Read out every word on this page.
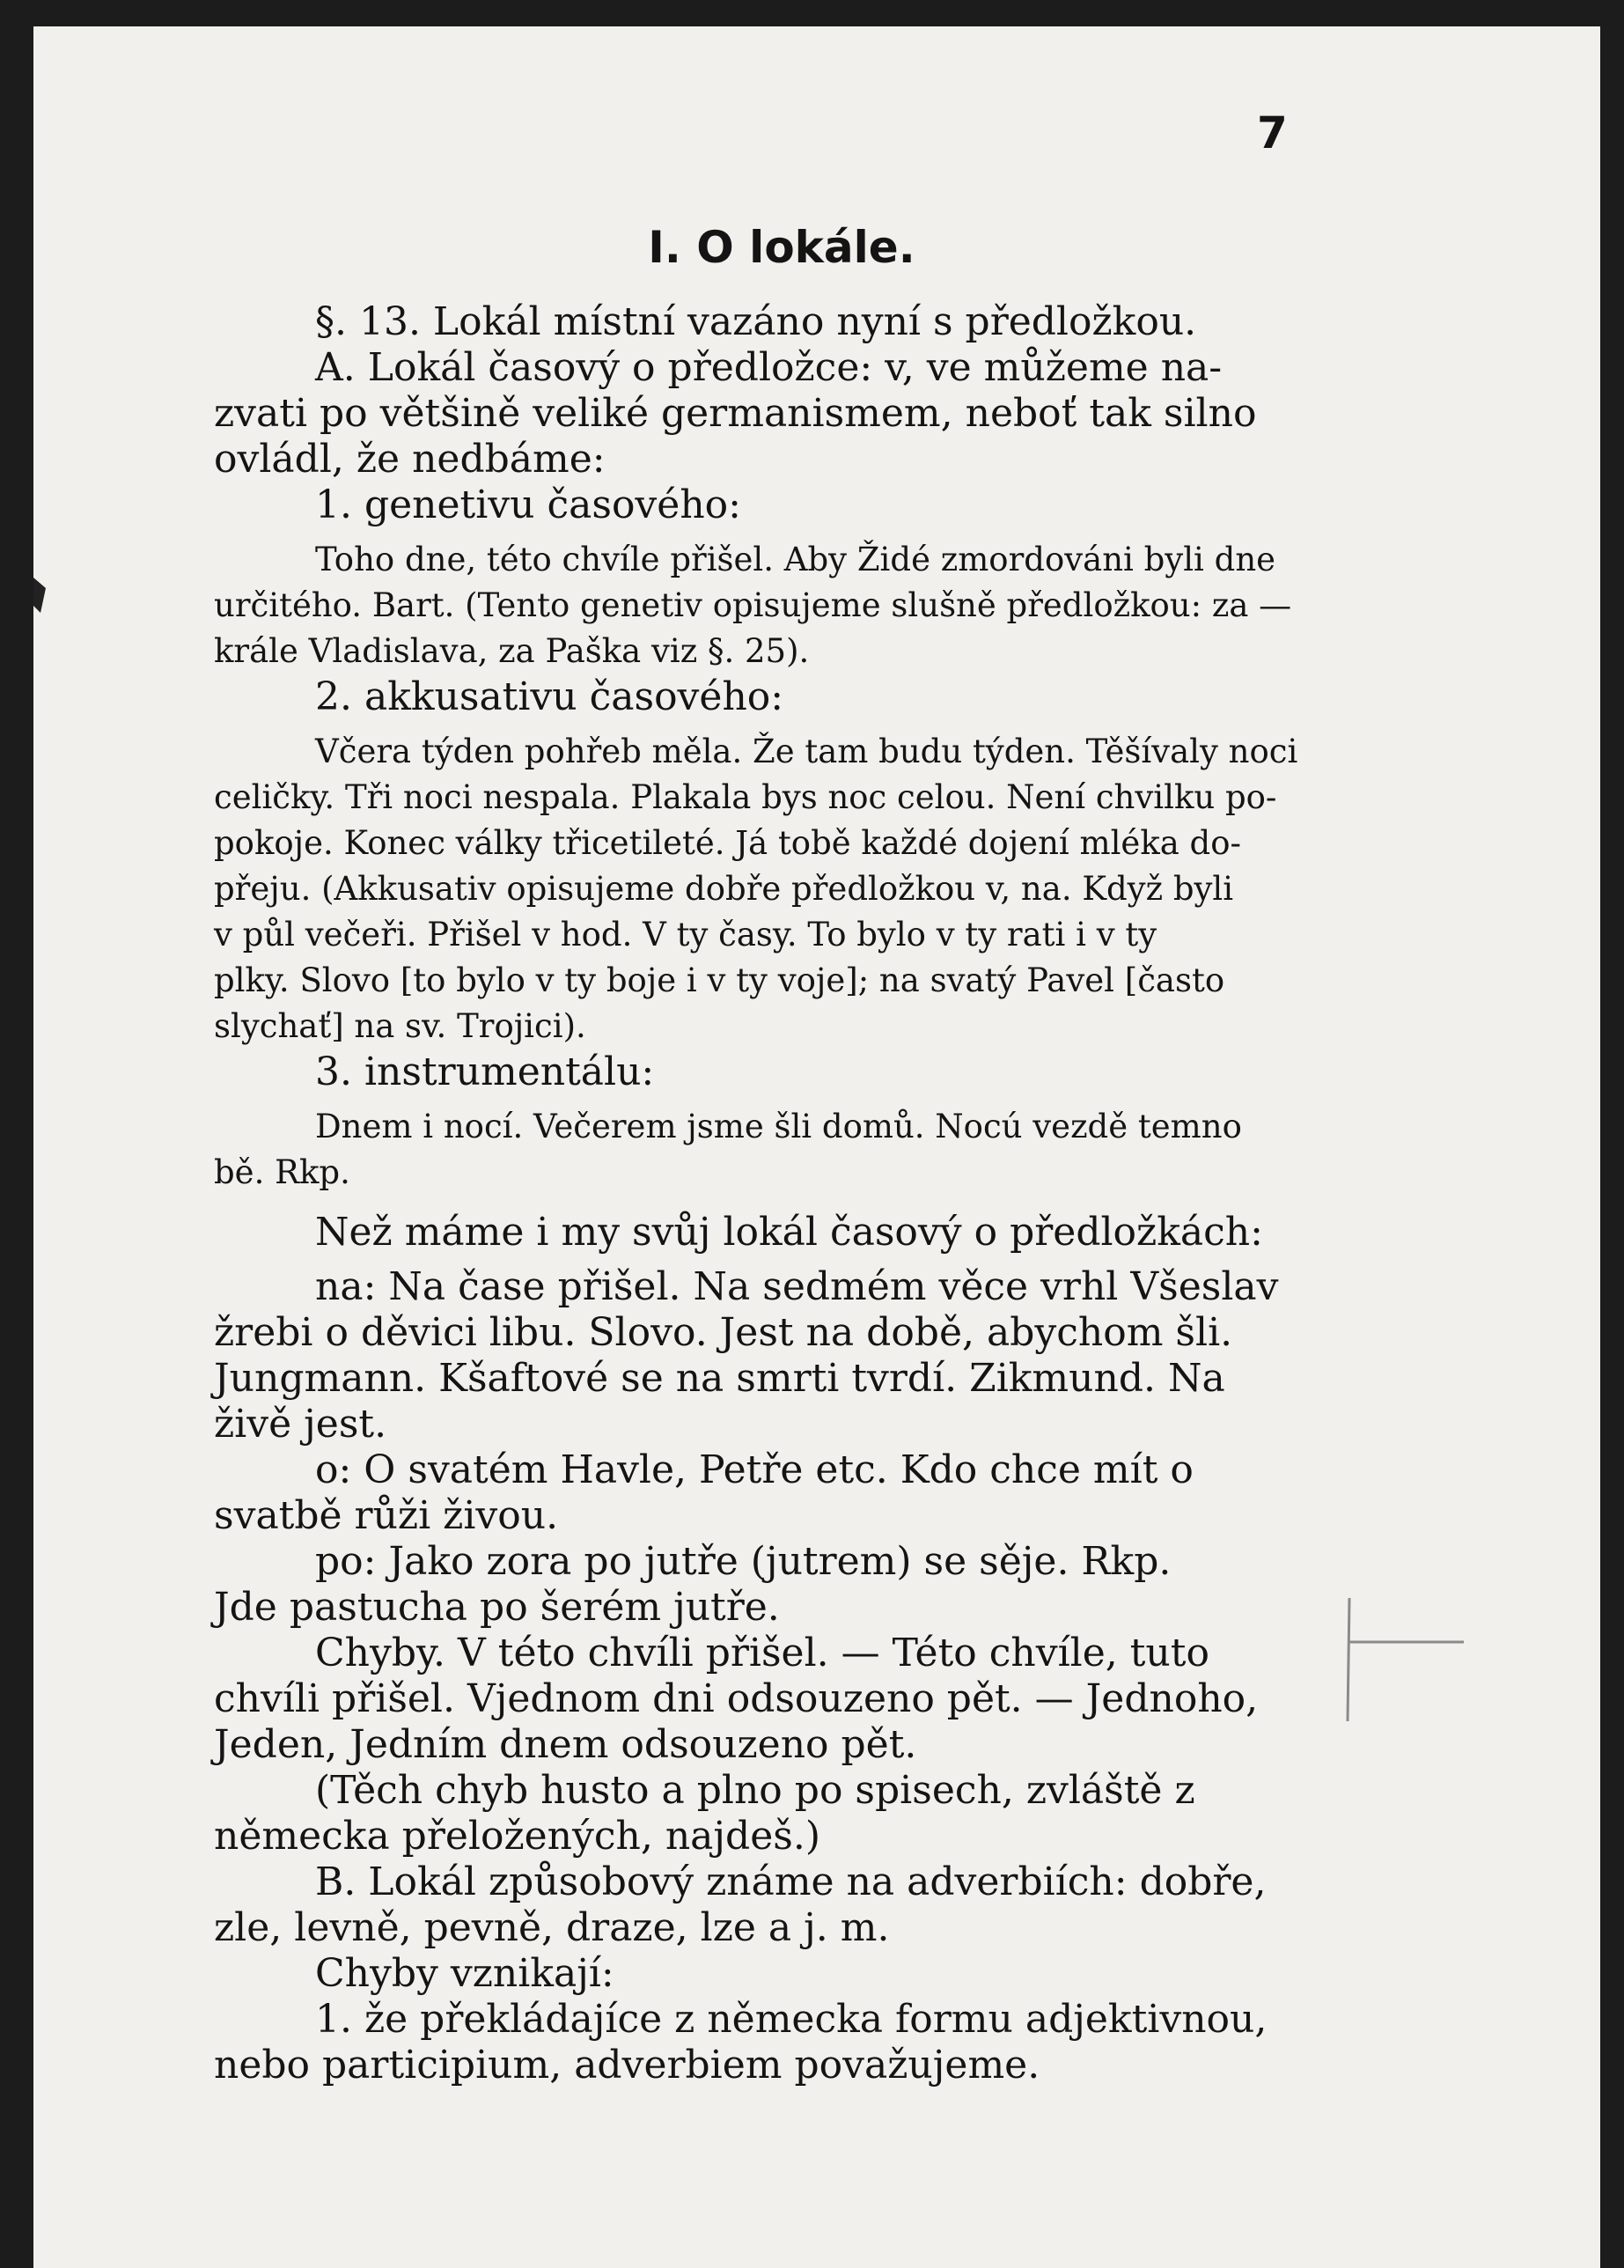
7
I. O lokále.
§. 13. Lokál místní vazáno nyní s předložkou.
A. Lokál časový o předložce: v, ve můžeme na-
zvati po většině veliké germanismem, neboť tak silno
ovládl, že nedbáme:
1. genetivu časového:
Toho dne, této chvíle přišel. Aby Židé zmordováni byli dne
určitého. Bart. (Tento genetiv opisujeme slušně předložkou: za —
krále Vladislava, za Paška viz §. 25).
2. akkusativu časového:
Včera týden pohřeb měla. Že tam budu týden. Těšívaly noci
celičky. Tři noci nespala. Plakala bys noc celou. Není chvilku po-
pokoje. Konec války třicetileté. Já tobě každé dojení mléka do-
přeju. (Akkusativ opisujeme dobře předložkou v, na. Když byli
v půl večeři. Přišel v hod. V ty časy. To bylo v ty rati i v ty
plky. Slovo [to bylo v ty boje i v ty voje]; na svatý Pavel [často
slychať] na sv. Trojici).
3. instrumentálu:
Dnem i nocí. Večerem jsme šli domů. Nocú vezdě temno
bě. Rkp.
Než máme i my svůj lokál časový o předložkách:
na: Na čase přišel. Na sedmém věce vrhl Všeslav
žrebi o děvici libu. Slovo. Jest na době, abychom šli.
Jungmann. Kšaftové se na smrti tvrdí. Zikmund. Na
živě jest.
o: O svatém Havle, Petře etc. Kdo chce mít o
svatbě růži živou.
po: Jako zora po jutře (jutrem) se sěje. Rkp.
Jde pastucha po šerém jutře.
Chyby. V této chvíli přišel. — Této chvíle, tuto
chvíli přišel. Vjednom dni odsouzeno pět. — Jednoho,
Jeden, Jedním dnem odsouzeno pět.
(Těch chyb husto a plno po spisech, zvláště z
německa přeložených, najdeš.)
B. Lokál způsobový známe na adverbiích: dobře,
zle, levně, pevně, draze, lze a j. m.
Chyby vznikají:
1. že překládajíce z německa formu adjektivnou,
nebo participium, adverbiem považujeme.
